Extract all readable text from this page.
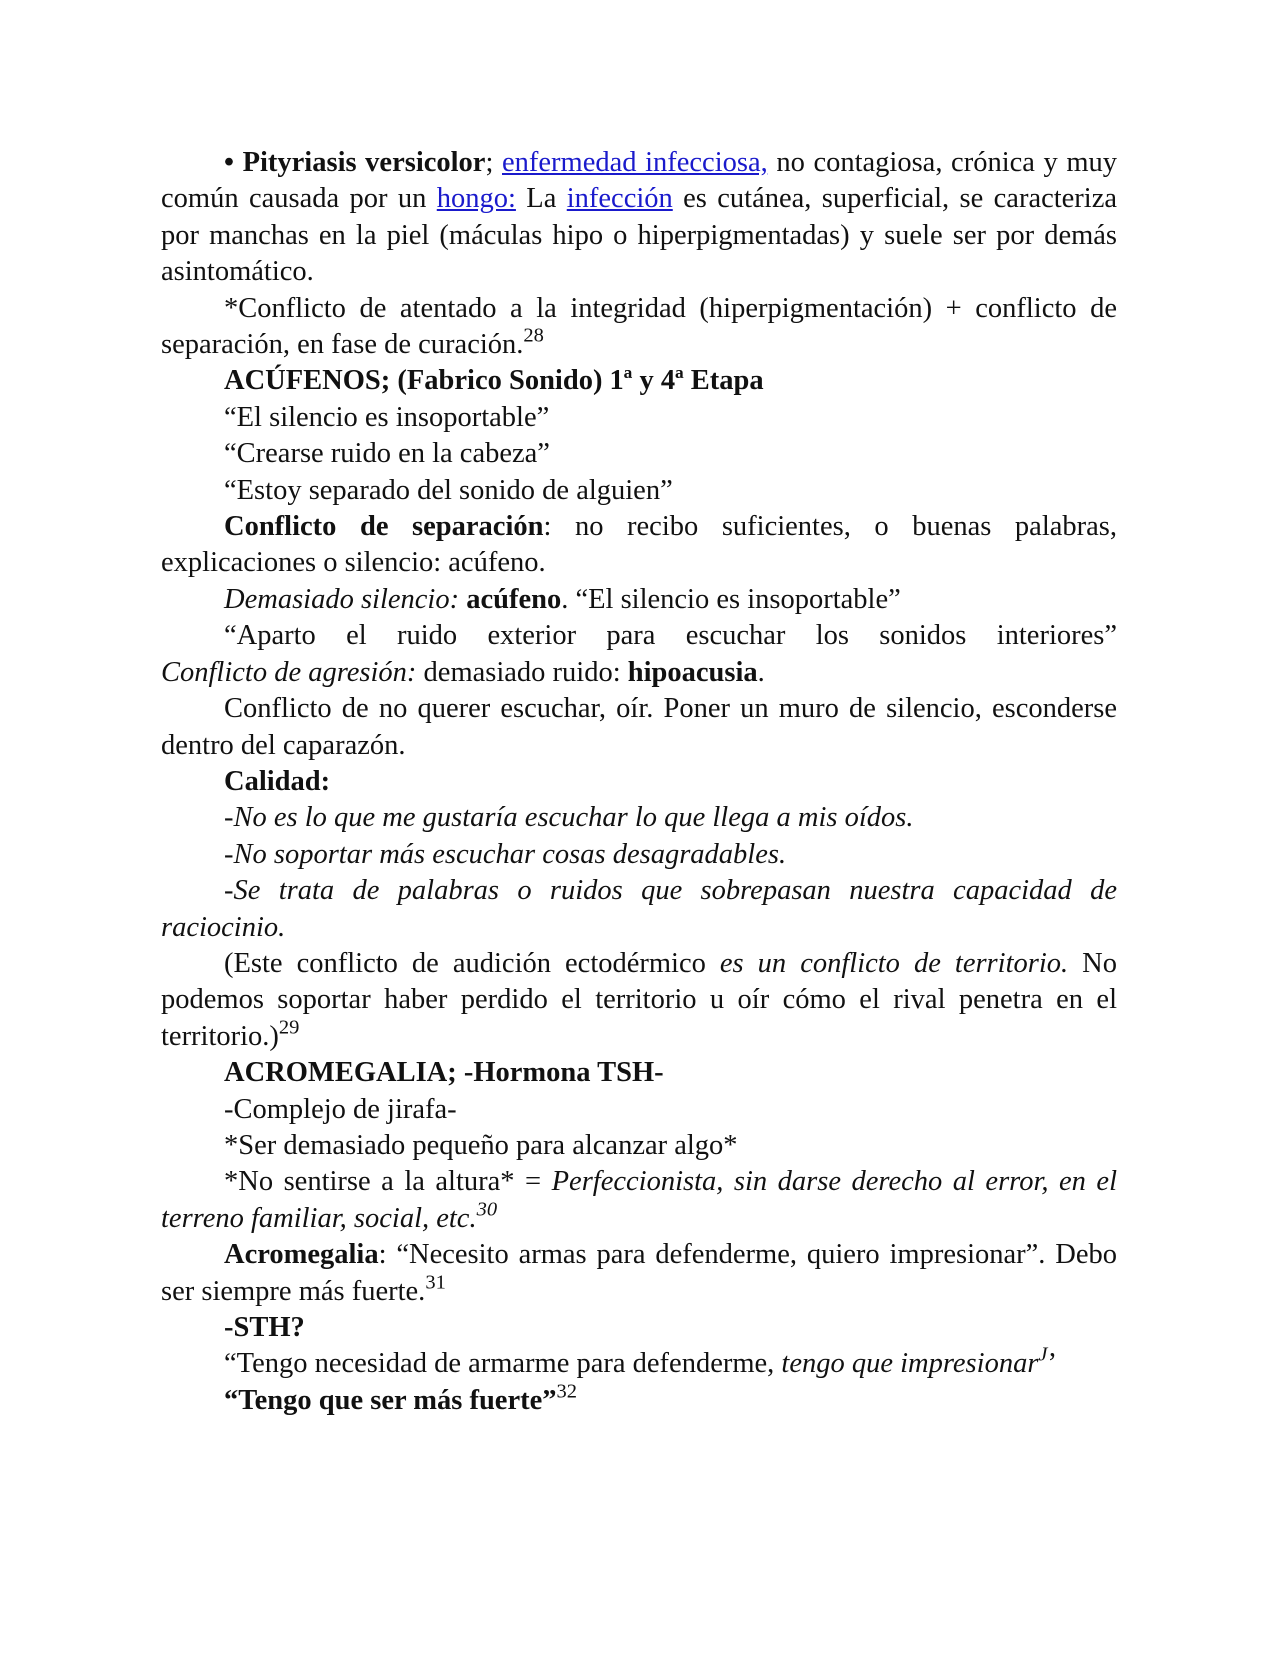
• Pityriasis versicolor; enfermedad infecciosa, no contagiosa, crónica y muy común causada por un hongo: La infección es cutánea, superficial, se caracteriza por manchas en la piel (máculas hipo o hiperpigmentadas) y suele ser por demás asintomático.

*Conflicto de atentado a la integridad (hiperpigmentación) + conflicto de separación, en fase de curación.$^{28}$

ACÚFENOS; (Fabrico Sonido) 1ª y 4ª Etapa

“El silencio es insoportable”

“Crearse ruido en la cabeza”

“Estoy separado del sonido de alguien”

Conflicto de separación: no recibo suficientes, o buenas palabras, explicaciones o silencio: acúfeno.

Demasiado silencio: acúfeno. “El silencio es insoportable”

“Aparto el ruido exterior para escuchar los sonidos interiores”

Conflicto de agresión: demasiado ruido: hipoacusia.

Conflicto de no querer escuchar, oír. Poner un muro de silencio, esconderse dentro del caparazón.

Calidad:

-No es lo que me gustaría escuchar lo que llega a mis oídos.

-No soportar más escuchar cosas desagradables.

-Se trata de palabras o ruidos que sobrepasan nuestra capacidad de raciocinio.

(Este conflicto de audición ectodérmico es un conflicto de territorio. No podemos soportar haber perdido el territorio u oír cómo el rival penetra en el territorio.)$^{29}$

ACROMEGALIA; -Hormona TSH-

-Complejo de jirafa-

*Ser demasiado pequeño para alcanzar algo*

*No sentirse a la altura* = Perfeccionista, sin darse derecho al error, en el terreno familiar, social, etc.$^{30}$

Acromegalia: “Necesito armas para defenderme, quiero impresionar”. Debo ser siempre más fuerte.$^{31}$

-STH?

“Tengo necesidad de armarme para defenderme, tengo que impresionar$^J$’

“Tengo que ser más fuerte”$^{32}$
